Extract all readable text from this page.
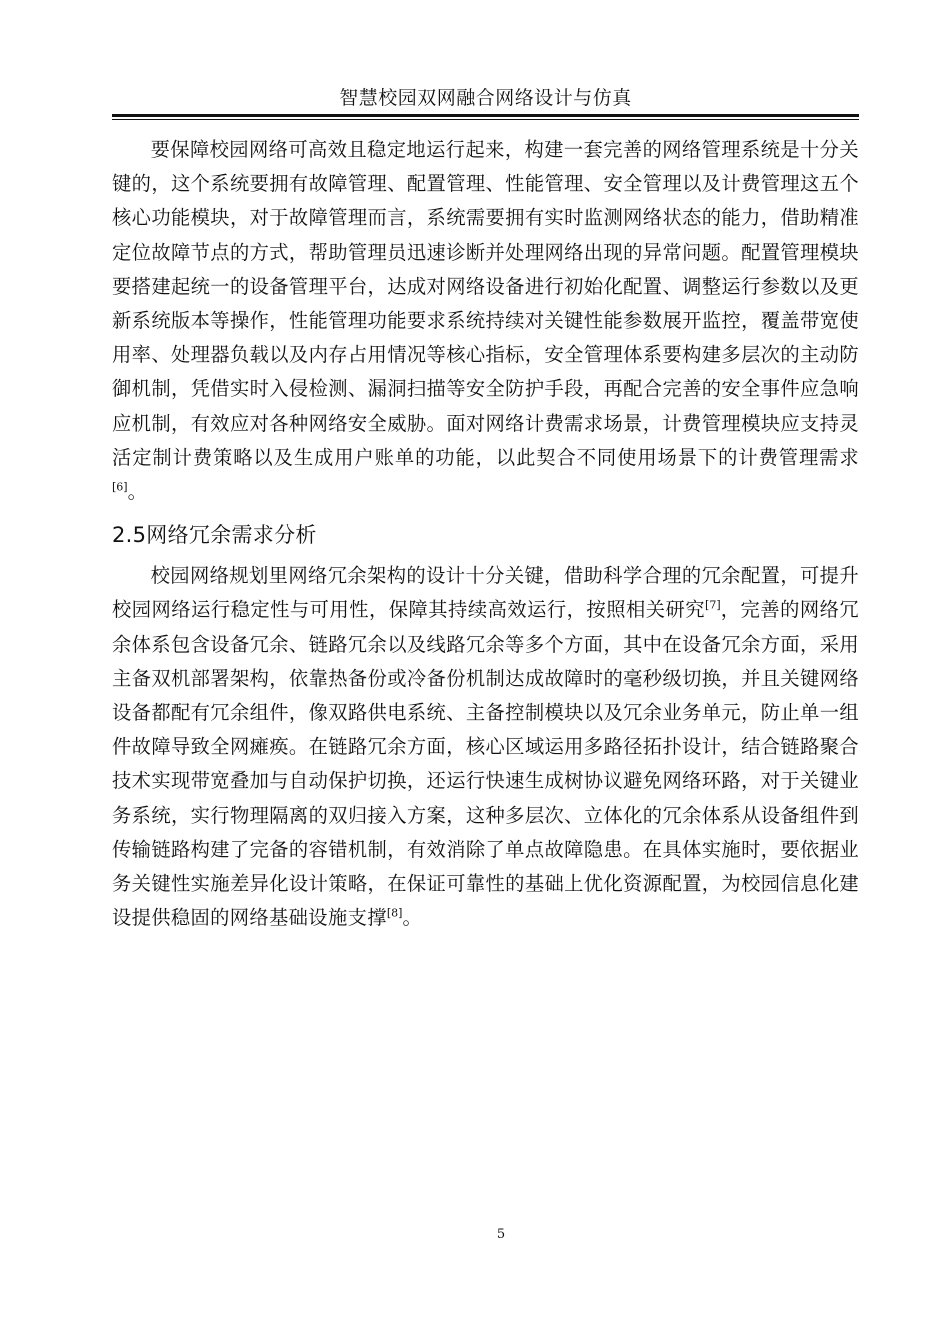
智慧校园双网融合网络设计与仿真

要保障校园网络可高效且稳定地运行起来，构建一套完善的网络管理系统是十分关键的，这个系统要拥有故障管理、配置管理、性能管理、安全管理以及计费管理这五个核心功能模块，对于故障管理而言，系统需要拥有实时监测网络状态的能力，借助精准定位故障节点的方式，帮助管理员迅速诊断并处理网络出现的异常问题。配置管理模块要搭建起统一的设备管理平台，达成对网络设备进行初始化配置、调整运行参数以及更新系统版本等操作，性能管理功能要求系统持续对关键性能参数展开监控，覆盖带宽使用率、处理器负载以及内存占用情况等核心指标，安全管理体系要构建多层次的主动防御机制，凭借实时入侵检测、漏洞扫描等安全防护手段，再配合完善的安全事件应急响应机制，有效应对各种网络安全威胁。面对网络计费需求场景，计费管理模块应支持灵活定制计费策略以及生成用户账单的功能，以此契合不同使用场景下的计费管理需求[6]。

2.5网络冗余需求分析

校园网络规划里网络冗余架构的设计十分关键，借助科学合理的冗余配置，可提升校园网络运行稳定性与可用性，保障其持续高效运行，按照相关研究[7]，完善的网络冗余体系包含设备冗余、链路冗余以及线路冗余等多个方面，其中在设备冗余方面，采用主备双机部署架构，依靠热备份或冷备份机制达成故障时的毫秒级切换，并且关键网络设备都配有冗余组件，像双路供电系统、主备控制模块以及冗余业务单元，防止单一组件故障导致全网瘫痪。在链路冗余方面，核心区域运用多路径拓扑设计，结合链路聚合技术实现带宽叠加与自动保护切换，还运行快速生成树协议避免网络环路，对于关键业务系统，实行物理隔离的双归接入方案，这种多层次、立体化的冗余体系从设备组件到传输链路构建了完备的容错机制，有效消除了单点故障隐患。在具体实施时，要依据业务关键性实施差异化设计策略，在保证可靠性的基础上优化资源配置，为校园信息化建设提供稳固的网络基础设施支撑[8]。

5
